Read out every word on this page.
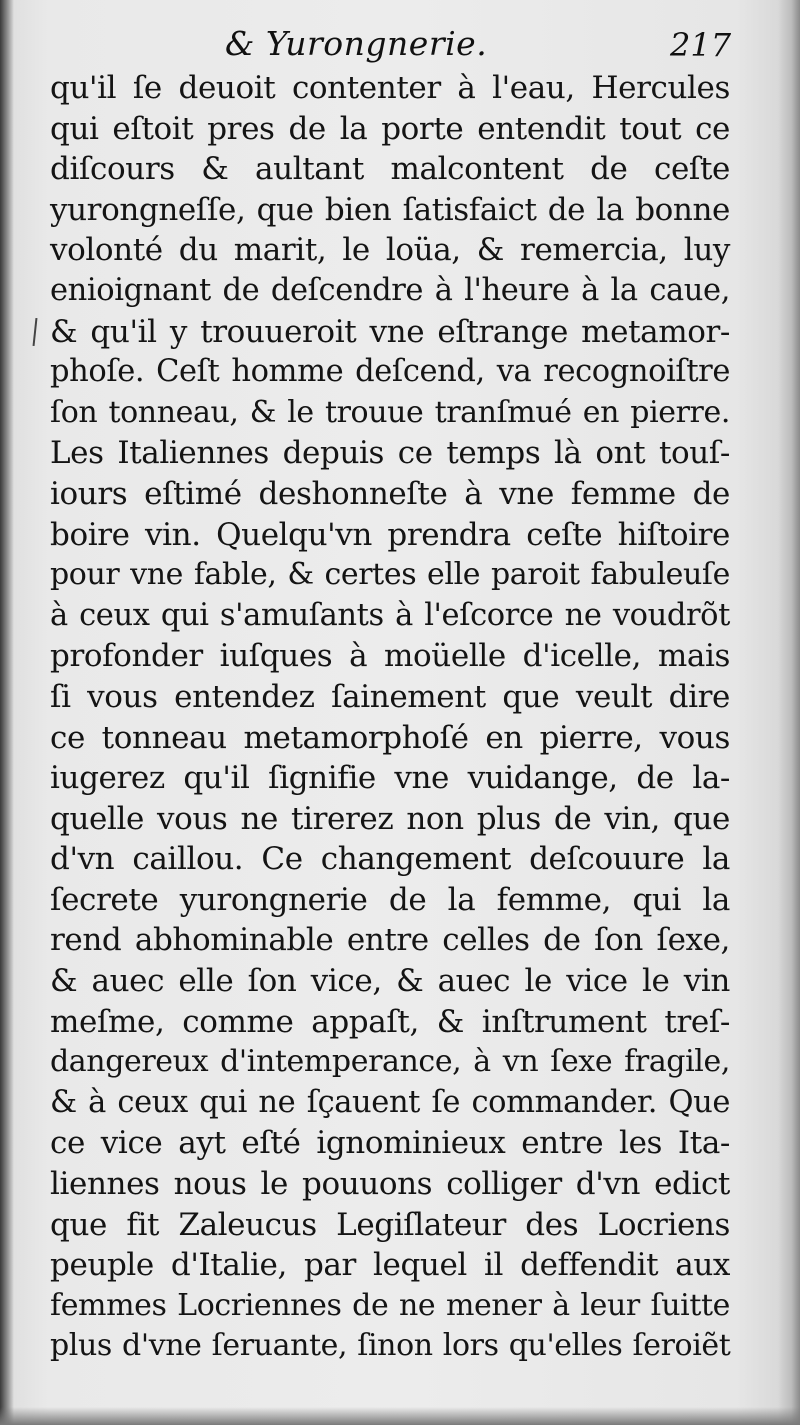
& Yurongnerie.	217
qu'il ſe deuoit contenter à l'eau, Hercules
qui eſtoit pres de la porte entendit tout ce
diſcours & aultant malcontent de ceſte
yurongneſſe, que bien ſatisfaict de la bonne
volonté du marit, le loüa, & remercia, luy
enioignant de deſcendre à l'heure à la caue,
& qu'il y trouueroit vne eſtrange metamor-
phoſe. Ceſt homme deſcend, va recognoiſtre
ſon tonneau, & le trouue tranſmué en pierre.
Les Italiennes depuis ce temps là ont touſ-
iours eſtimé deshonneſte à vne femme de
boire vin. Quelqu'vn prendra ceſte hiſtoire
pour vne fable, & certes elle paroit fabuleuſe
à ceux qui s'amuſants à l'eſcorce ne voudrõt
profonder iuſques à moüelle d'icelle, mais
ſi vous entendez ſainement que veult dire
ce tonneau metamorphoſé en pierre, vous
iugerez qu'il ſignifie vne vuidange, de la-
quelle vous ne tirerez non plus de vin, que
d'vn caillou. Ce changement deſcouure la
ſecrete yurongnerie de la femme, qui la
rend abhominable entre celles de ſon ſexe,
& auec elle ſon vice, & auec le vice le vin
meſme, comme appaſt, & inſtrument treſ-
dangereux d'intemperance, à vn ſexe fragile,
& à ceux qui ne ſçauent ſe commander. Que
ce vice ayt eſté ignominieux entre les Ita-
liennes nous le pouuons colliger d'vn edict
que fit Zaleucus Legiſlateur des Locriens
peuple d'Italie, par lequel il deffendit aux
femmes Locriennes de ne mener à leur ſuitte
plus d'vne ſeruante, ſinon lors qu'elles ſeroiẽt
